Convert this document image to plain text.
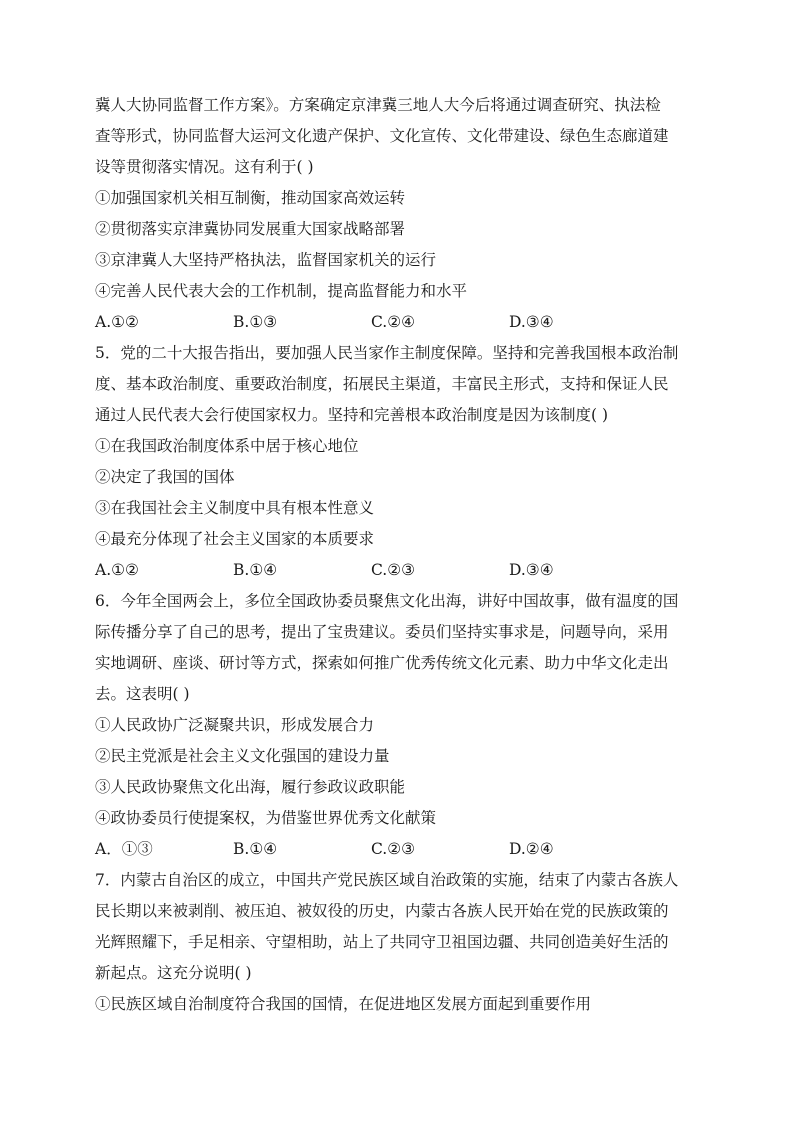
冀人大协同监督工作方案》。方案确定京津冀三地人大今后将通过调查研究、执法检
查等形式，协同监督大运河文化遗产保护、文化宣传、文化带建设、绿色生态廊道建
设等贯彻落实情况。这有利于( )
①加强国家机关相互制衡，推动国家高效运转
②贯彻落实京津冀协同发展重大国家战略部署
③京津冀人大坚持严格执法，监督国家机关的运行
④完善人民代表大会的工作机制，提高监督能力和水平
A.①②	B.①③	C.②④	D.③④
5．党的二十大报告指出，要加强人民当家作主制度保障。坚持和完善我国根本政治制
度、基本政治制度、重要政治制度，拓展民主渠道，丰富民主形式，支持和保证人民
通过人民代表大会行使国家权力。坚持和完善根本政治制度是因为该制度( )
①在我国政治制度体系中居于核心地位
②决定了我国的国体
③在我国社会主义制度中具有根本性意义
④最充分体现了社会主义国家的本质要求
A.①②	B.①④	C.②③	D.③④
6．今年全国两会上，多位全国政协委员聚焦文化出海，讲好中国故事，做有温度的国
际传播分享了自己的思考，提出了宝贵建议。委员们坚持实事求是，问题导向，采用
实地调研、座谈、研讨等方式，探索如何推广优秀传统文化元素、助力中华文化走出
去。这表明( )
①人民政协广泛凝聚共识，形成发展合力
②民主党派是社会主义文化强国的建设力量
③人民政协聚焦文化出海，履行参政议政职能
④政协委员行使提案权，为借鉴世界优秀文化献策
A．①③	B.①④	C.②③	D.②④
7．内蒙古自治区的成立，中国共产党民族区域自治政策的实施，结束了内蒙古各族人
民长期以来被剥削、被压迫、被奴役的历史，内蒙古各族人民开始在党的民族政策的
光辉照耀下，手足相亲、守望相助，站上了共同守卫祖国边疆、共同创造美好生活的
新起点。这充分说明( )
①民族区域自治制度符合我国的国情，在促进地区发展方面起到重要作用
